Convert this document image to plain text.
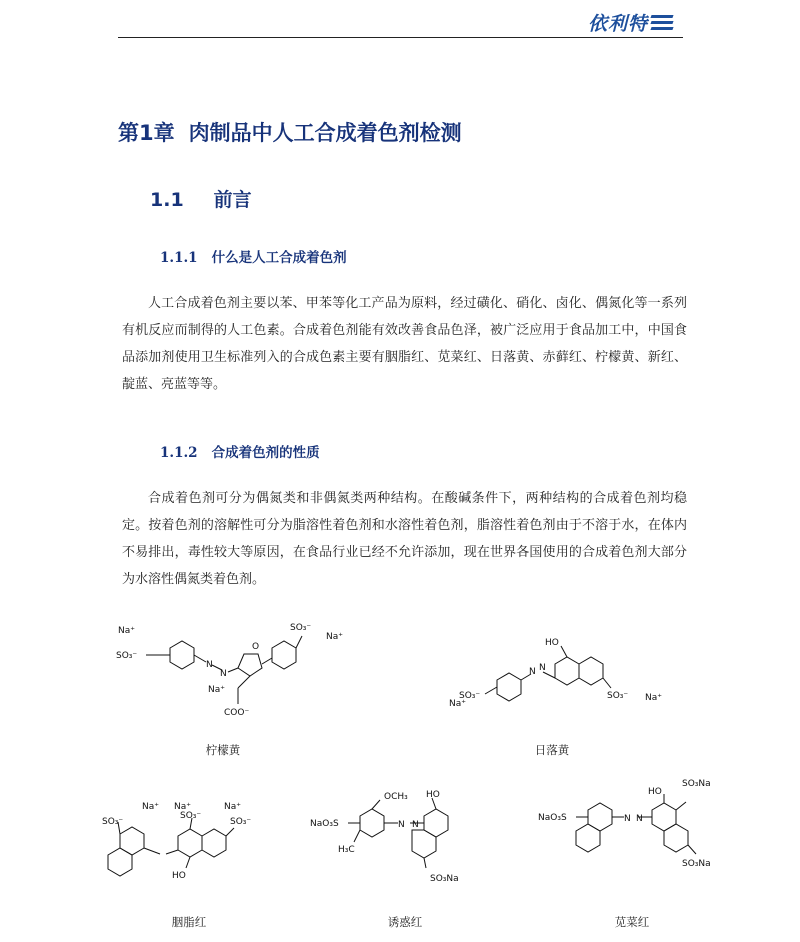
依利特
第1章 肉制品中人工合成着色剂检测
1.1 前言
1.1.1 什么是人工合成着色剂
人工合成着色剂主要以苯、甲苯等化工产品为原料，经过磺化、硝化、卤化、偶氮化等一系列有机反应而制得的人工色素。合成着色剂能有效改善食品色泽，被广泛应用于食品加工中，中国食品添加剂使用卫生标准列入的合成色素主要有胭脂红、苋菜红、日落黄、赤藓红、柠檬黄、新红、靛蓝、亮蓝等等。
1.1.2 合成着色剂的性质
合成着色剂可分为偶氮类和非偶氮类两种结构。在酸碱条件下，两种结构的合成着色剂均稳定。按着色剂的溶解性可分为脂溶性着色剂和水溶性着色剂，脂溶性着色剂由于不溶于水，在体内不易排出，毒性较大等原因，在食品行业已经不允许添加，现在世界各国使用的合成着色剂大部分为水溶性偶氮类着色剂。
Na⁺
SO₃⁻
N
N
O
Na⁺
COO⁻
SO₃⁻
Na⁺
柠檬黄
HO
N N
Na⁺
SO₃⁻	SO₃⁻ Na⁺
日落黄
Na⁺ Na⁺	Na⁺
SO₃⁻
SO₃⁻
SO₃⁻
HO
胭脂红
OCH₃ HO
NaO₃S	N N
H₃C
SO₃Na
诱惑红
SO₃Na
HO
NaO₃S	N N
SO₃Na
苋菜红
